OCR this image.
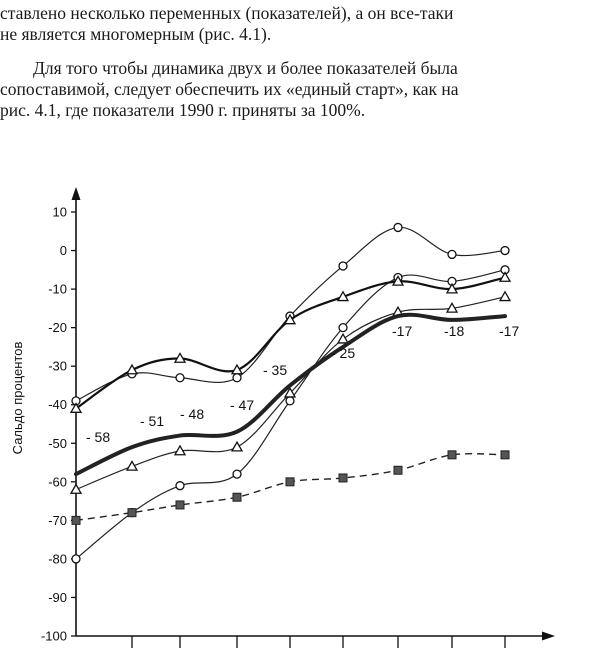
ставлено несколько переменных (показателей), а он все-таки
не является многомерным (рис. 4.1).
Для того чтобы динамика двух и более показателей была
сопоставимой, следует обеспечить их «единый старт», как на
рис. 4.1, где показатели 1990 г. приняты за 100%.
10
0
-10
-20
-30
-40
-50
-60
-70
-80
-90
-100
- 58
- 51 - 48
- 47
- 35
- 25
-17 -18 -17
Сальдо процентов
